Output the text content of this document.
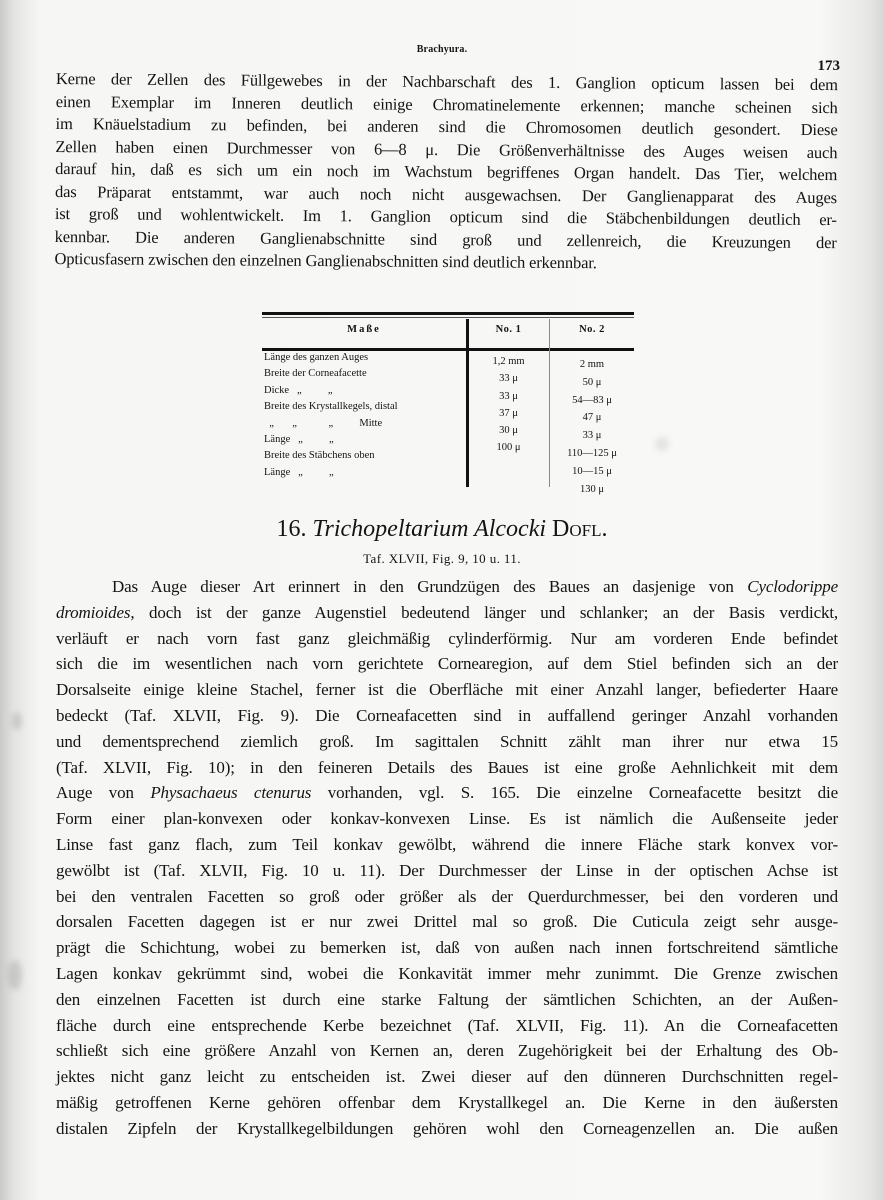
Brachyura.
173
Kerne der Zellen des Füllgewebes in der Nachbarschaft des 1. Ganglion opticum lassen bei dem
einen Exemplar im Inneren deutlich einige Chromatinelemente erkennen; manche scheinen sich
im Knäuelstadium zu befinden, bei anderen sind die Chromosomen deutlich gesondert. Diese
Zellen haben einen Durchmesser von 6—8 μ. Die Größenverhältnisse des Auges weisen auch
darauf hin, daß es sich um ein noch im Wachstum begriffenes Organ handelt. Das Tier, welchem
das Präparat entstammt, war auch noch nicht ausgewachsen. Der Ganglienapparat des Auges
ist groß und wohlentwickelt. Im 1. Ganglion opticum sind die Stäbchenbildungen deutlich er-
kennbar. Die anderen Ganglienabschnitte sind groß und zellenreich, die Kreuzungen der
Opticusfasern zwischen den einzelnen Ganglienabschnitten sind deutlich erkennbar.
Maße	No. 1	No. 2
Länge des ganzen Auges
Breite der Corneafacette
Dicke   „          „
Breite des Krystallkegels, distal
„       „            „          Mitte
Länge   „          „
Breite des Stäbchens oben
Länge   „          „
1,2 mm
33 μ
33 μ
37 μ
30 μ
100 μ
2 mm
50 μ
54—83 μ
47 μ
33 μ
110—125 μ
10—15 μ
130 μ
16. Trichopeltarium Alcocki Dofl.
Taf. XLVII, Fig. 9, 10 u. 11.
Das Auge dieser Art erinnert in den Grundzügen des Baues an dasjenige von Cyclodorippe
dromioides, doch ist der ganze Augenstiel bedeutend länger und schlanker; an der Basis verdickt,
verläuft er nach vorn fast ganz gleichmäßig cylinderförmig. Nur am vorderen Ende befindet
sich die im wesentlichen nach vorn gerichtete Cornearegion, auf dem Stiel befinden sich an der
Dorsalseite einige kleine Stachel, ferner ist die Oberfläche mit einer Anzahl langer, befiederter Haare
bedeckt (Taf. XLVII, Fig. 9). Die Corneafacetten sind in auffallend geringer Anzahl vorhanden
und dementsprechend ziemlich groß. Im sagittalen Schnitt zählt man ihrer nur etwa 15
(Taf. XLVII, Fig. 10); in den feineren Details des Baues ist eine große Aehnlichkeit mit dem
Auge von Physachaeus ctenurus vorhanden, vgl. S. 165. Die einzelne Corneafacette besitzt die
Form einer plan-konvexen oder konkav-konvexen Linse. Es ist nämlich die Außenseite jeder
Linse fast ganz flach, zum Teil konkav gewölbt, während die innere Fläche stark konvex vor-
gewölbt ist (Taf. XLVII, Fig. 10 u. 11). Der Durchmesser der Linse in der optischen Achse ist
bei den ventralen Facetten so groß oder größer als der Querdurchmesser, bei den vorderen und
dorsalen Facetten dagegen ist er nur zwei Drittel mal so groß. Die Cuticula zeigt sehr ausge-
prägt die Schichtung, wobei zu bemerken ist, daß von außen nach innen fortschreitend sämtliche
Lagen konkav gekrümmt sind, wobei die Konkavität immer mehr zunimmt. Die Grenze zwischen
den einzelnen Facetten ist durch eine starke Faltung der sämtlichen Schichten, an der Außen-
fläche durch eine entsprechende Kerbe bezeichnet (Taf. XLVII, Fig. 11). An die Corneafacetten
schließt sich eine größere Anzahl von Kernen an, deren Zugehörigkeit bei der Erhaltung des Ob-
jektes nicht ganz leicht zu entscheiden ist. Zwei dieser auf den dünneren Durchschnitten regel-
mäßig getroffenen Kerne gehören offenbar dem Krystallkegel an. Die Kerne in den äußersten
distalen Zipfeln der Krystallkegelbildungen gehören wohl den Corneagenzellen an. Die außen
